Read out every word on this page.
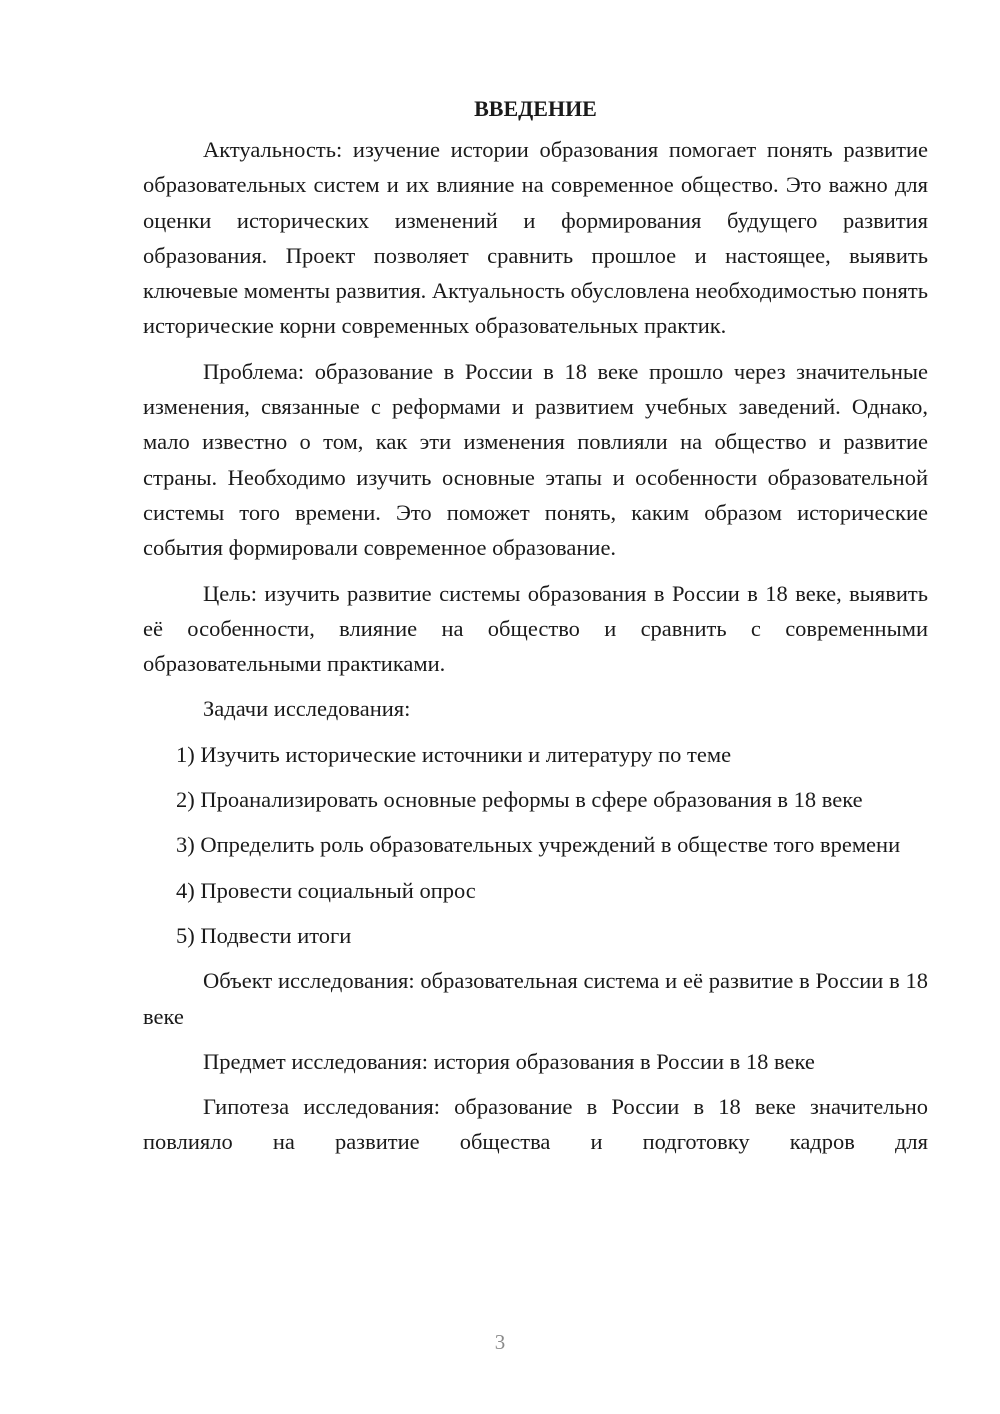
ВВЕДЕНИЕ

Актуальность: изучение истории образования помогает понять развитие образовательных систем и их влияние на современное общество. Это важно для оценки исторических изменений и формирования будущего развития образования. Проект позволяет сравнить прошлое и настоящее, выявить ключевые моменты развития. Актуальность обусловлена необходимостью понять исторические корни современных образовательных практик.

Проблема: образование в России в 18 веке прошло через значительные изменения, связанные с реформами и развитием учебных заведений. Однако, мало известно о том, как эти изменения повлияли на общество и развитие страны. Необходимо изучить основные этапы и особенности образовательной системы того времени. Это поможет понять, каким образом исторические события формировали современное образование.

Цель: изучить развитие системы образования в России в 18 веке, выявить её особенности, влияние на общество и сравнить с современными образовательными практиками.

Задачи исследования:

1) Изучить исторические источники и литературу по теме

2) Проанализировать основные реформы в сфере образования в 18 веке

3) Определить роль образовательных учреждений в обществе того времени

4) Провести социальный опрос

5) Подвести итоги

Объект исследования: образовательная система и её развитие в России в 18 веке

Предмет исследования: история образования в России в 18 веке

Гипотеза исследования: образование в России в 18 веке значительно повлияло на развитие общества и подготовку кадров для

3
